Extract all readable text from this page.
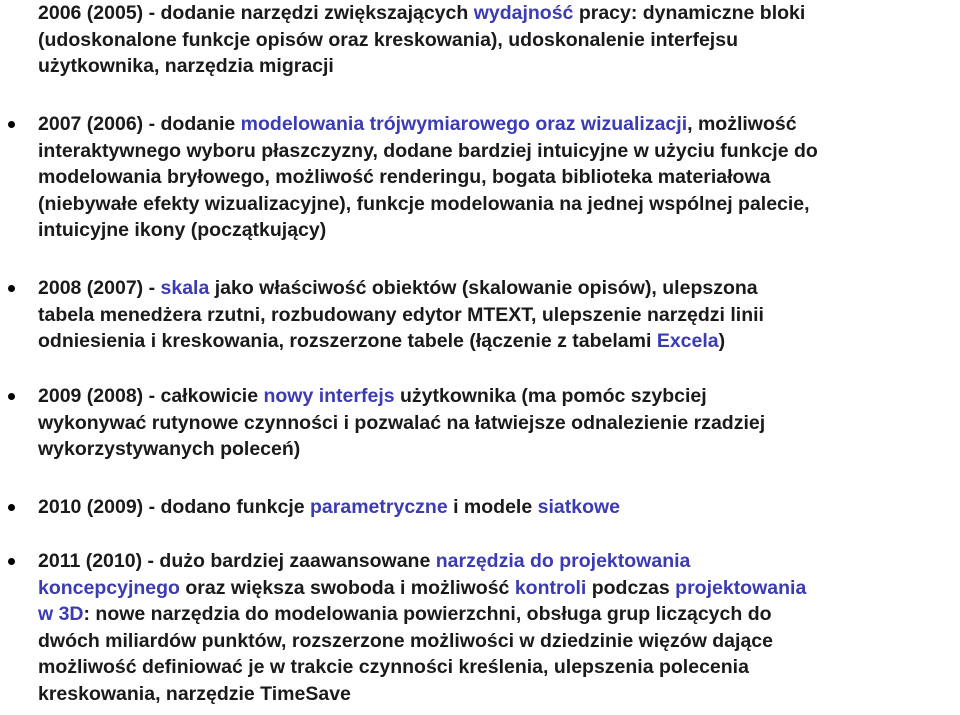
2006 (2005) - dodanie narzędzi zwiększających wydajność pracy: dynamiczne bloki
(udoskonalone funkcje opisów oraz kreskowania), udoskonalenie interfejsu
użytkownika, narzędzia migracji
2007 (2006) - dodanie modelowania trójwymiarowego oraz wizualizacji, możliwość
interaktywnego wyboru płaszczyzny, dodane bardziej intuicyjne w użyciu funkcje do
modelowania bryłowego, możliwość renderingu, bogata biblioteka materiałowa
(niebywałe efekty wizualizacyjne), funkcje modelowania na jednej wspólnej palecie,
intuicyjne ikony (początkujący)
2008 (2007) - skala jako właściwość obiektów (skalowanie opisów), ulepszona
tabela menedżera rzutni, rozbudowany edytor MTEXT, ulepszenie narzędzi linii
odniesienia i kreskowania, rozszerzone tabele (łączenie z tabelami Excela)
2009 (2008) - całkowicie nowy interfejs użytkownika (ma pomóc szybciej
wykonywać rutynowe czynności i pozwalać na łatwiejsze odnalezienie rzadziej
wykorzystywanych poleceń)
2010 (2009) - dodano funkcje parametryczne i modele siatkowe
2011 (2010) - dużo bardziej zaawansowane narzędzia do projektowania
koncepcyjnego oraz większa swoboda i możliwość kontroli podczas projektowania
w 3D: nowe narzędzia do modelowania powierzchni, obsługa grup liczących do
dwóch miliardów punktów, rozszerzone możliwości w dziedzinie więzów dające
możliwość definiować je w trakcie czynności kreślenia, ulepszenia polecenia
kreskowania, narzędzie TimeSave
